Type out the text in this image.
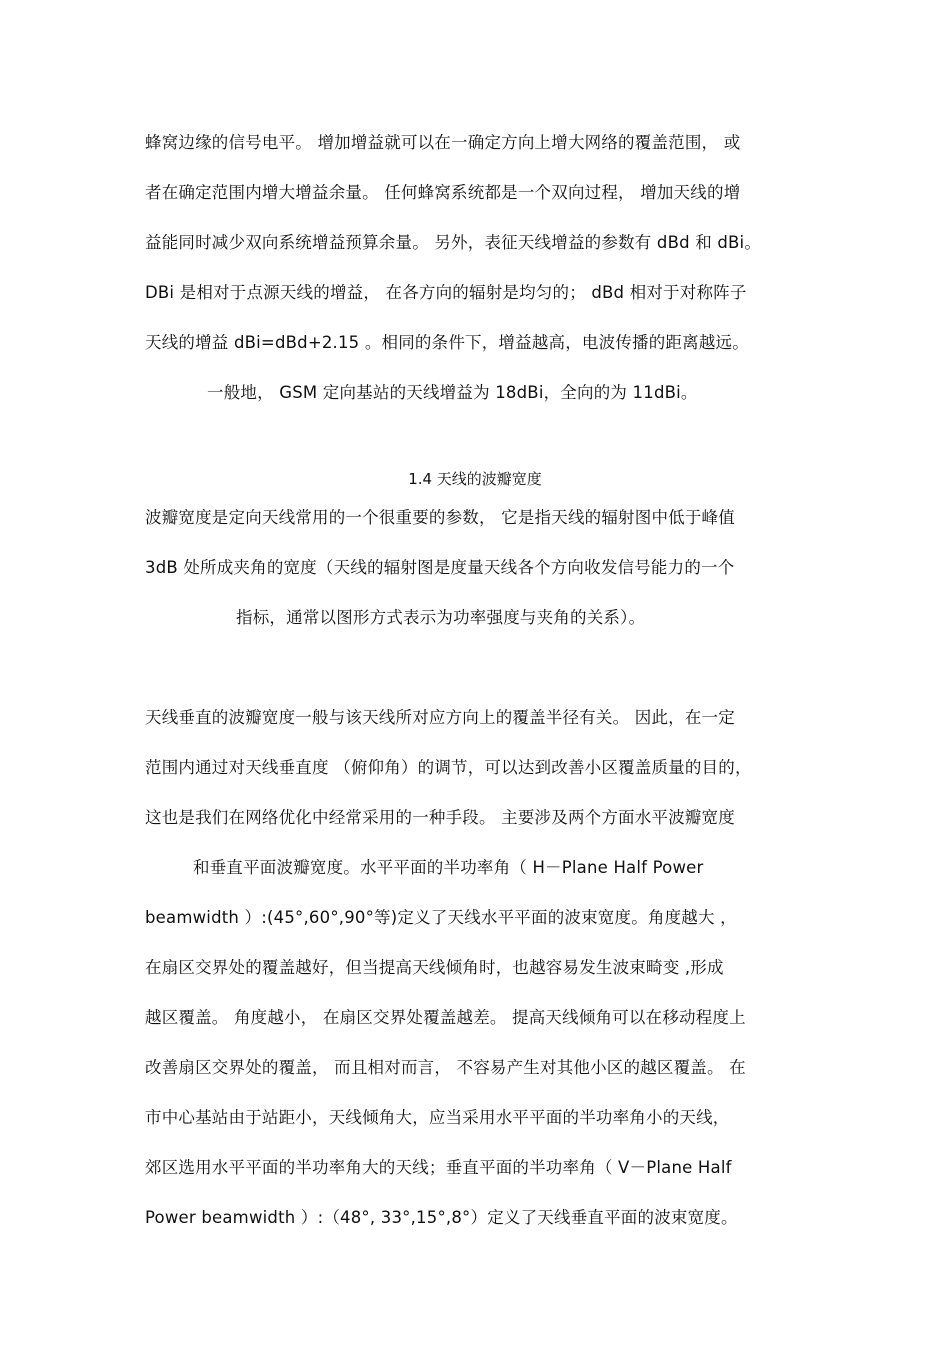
蜂窝边缘的信号电平。 增加增益就可以在一确定方向上增大网络的覆盖范围， 或
者在确定范围内增大增益余量。 任何蜂窝系统都是一个双向过程， 增加天线的增
益能同时减少双向系统增益预算余量。 另外，表征天线增益的参数有 dBd 和 dBi。
DBi 是相对于点源天线的增益， 在各方向的辐射是均匀的； dBd 相对于对称阵子
天线的增益 dBi=dBd+2.15 。相同的条件下，增益越高，电波传播的距离越远。
一般地， GSM 定向基站的天线增益为 18dBi，全向的为 11dBi。
1.4 天线的波瓣宽度
波瓣宽度是定向天线常用的一个很重要的参数， 它是指天线的辐射图中低于峰值
3dB 处所成夹角的宽度（天线的辐射图是度量天线各个方向收发信号能力的一个
指标，通常以图形方式表示为功率强度与夹角的关系）。
天线垂直的波瓣宽度一般与该天线所对应方向上的覆盖半径有关。 因此，在一定
范围内通过对天线垂直度 （俯仰角）的调节，可以达到改善小区覆盖质量的目的，
这也是我们在网络优化中经常采用的一种手段。 主要涉及两个方面水平波瓣宽度
和垂直平面波瓣宽度。水平平面的半功率角（ H－Plane Half Power
beamwidth ）:(45°,60°,90°等)定义了天线水平平面的波束宽度。角度越大 ，
在扇区交界处的覆盖越好，但当提高天线倾角时，也越容易发生波束畸变 ,形成
越区覆盖。 角度越小， 在扇区交界处覆盖越差。 提高天线倾角可以在移动程度上
改善扇区交界处的覆盖， 而且相对而言， 不容易产生对其他小区的越区覆盖。 在
市中心基站由于站距小，天线倾角大，应当采用水平平面的半功率角小的天线，
郊区选用水平平面的半功率角大的天线；垂直平面的半功率角（ V－Plane Half
Power beamwidth ）:（48°, 33°,15°,8°）定义了天线垂直平面的波束宽度。
